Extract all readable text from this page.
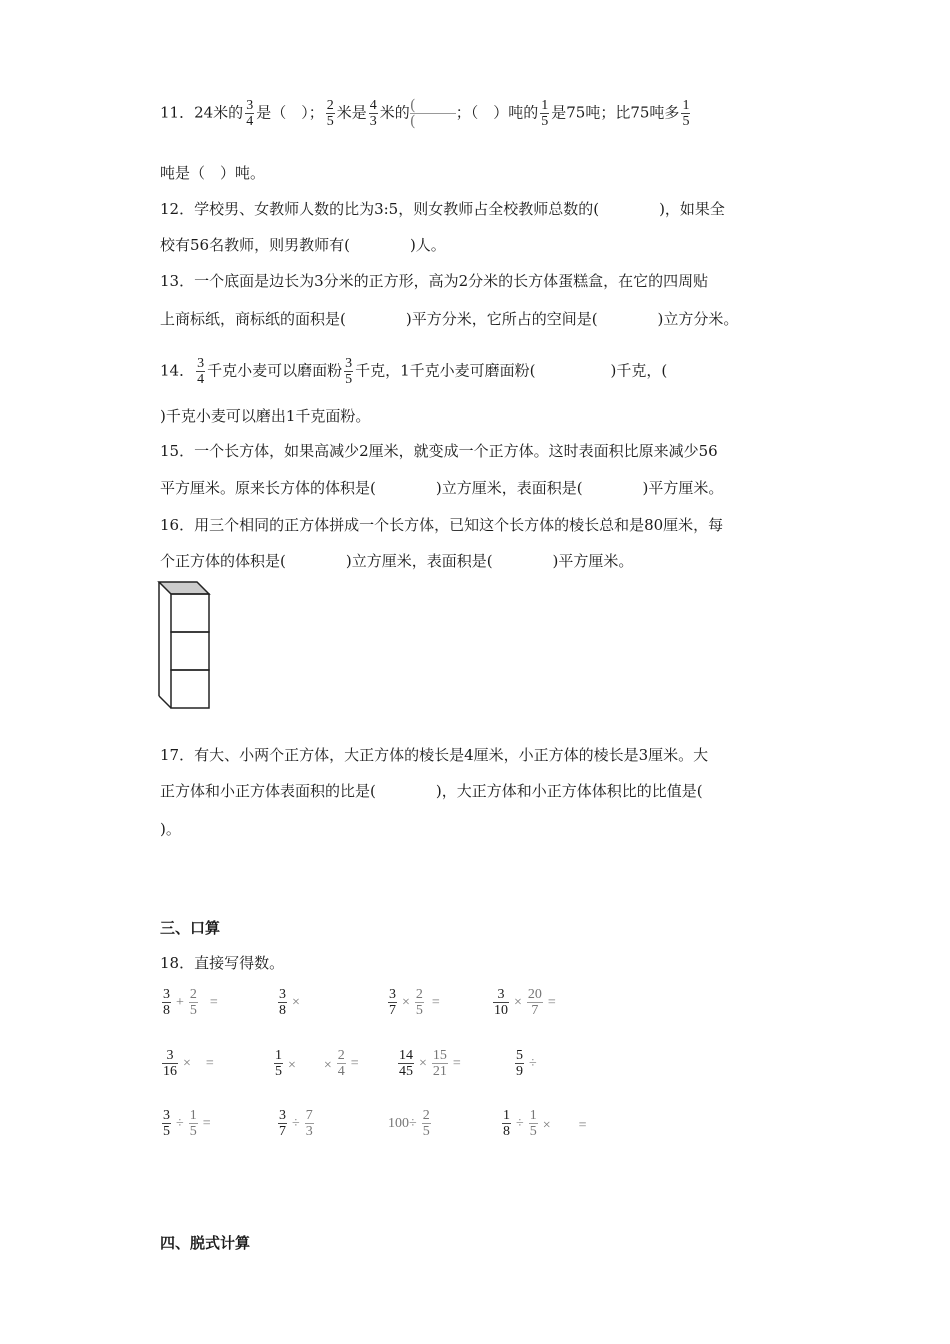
11．24米的 $\frac{3}{4}$ 是（　）； $\frac{2}{5}$ 米是 $\frac{4}{3}$ 米的 (
(	；（　）吨的 $\frac{1}{5}$ 是75吨；比75吨多 $\frac{1}{5}$
吨是（　）吨。
12．学校男、女教师人数的比为3:5，则女教师占全校教师总数的(　　　　)，如果全
校有56名教师，则男教师有(　　　　)人。
13．一个底面是边长为3分米的正方形，高为2分米的长方体蛋糕盒，在它的四周贴
上商标纸，商标纸的面积是(　　　　)平方分米，它所占的空间是(　　　　)立方分米。
14． $\frac{3}{4}$ 千克小麦可以磨面粉 $\frac{3}{5}$ 千克，1千克小麦可磨面粉(　　　　　)千克，(
)千克小麦可以磨出1千克面粉。
15．一个长方体，如果高减少2厘米，就变成一个正方体。这时表面积比原来减少56
平方厘米。原来长方体的体积是(　　　　)立方厘米，表面积是(　　　　)平方厘米。
16．用三个相同的正方体拼成一个长方体，已知这个长方体的棱长总和是80厘米，每
个正方体的体积是(　　　　)立方厘米，表面积是(　　　　)平方厘米。
17．有大、小两个正方体，大正方体的棱长是4厘米，小正方体的棱长是3厘米。大
正方体和小正方体表面积的比是(　　　　)，大正方体和小正方体体积比的比值是(
)。
三、口算
18．直接写得数。
$\frac{3}{8} + \frac{2}{5}$ =	$\frac{3}{8}$ ×	$\frac{3}{7} \times \frac{2}{5}$ =	$\frac{3}{10} \times \frac{20}{7}$ =
$\frac{3}{16}$ × =	$\frac{1}{5}$ ×　　× $\frac{2}{4}$ =	$\frac{14}{45} \times \frac{15}{21}$ =	$\frac{5}{9}$ ÷
$\frac{3}{5} \div \frac{1}{5}$ =	$\frac{3}{7} \div \frac{7}{3}$	$100\div \frac{2}{5}$	$\frac{1}{8} \div \frac{1}{5}$ ×　　=
四、脱式计算
